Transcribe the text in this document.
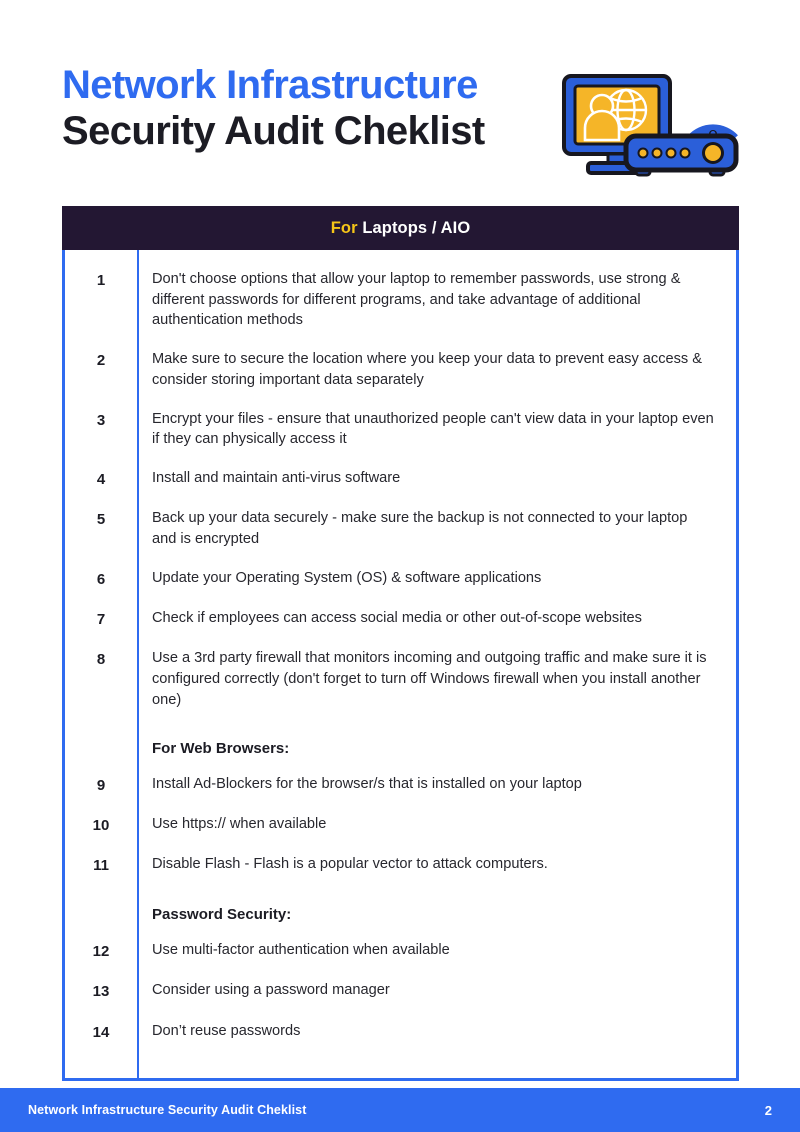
Network Infrastructure
Security Audit Cheklist
For Laptops / AIO
1	Don't choose options that allow your laptop to remember passwords, use strong & different passwords for different programs, and take advantage of additional authentication methods
2	Make sure to secure the location where you keep your data to prevent easy access & consider storing important data separately
3	Encrypt your files - ensure that unauthorized people can't view data in your laptop even if they can physically access it
4	Install and maintain anti-virus software
5	Back up your data securely - make sure the backup is not connected to your laptop and is encrypted
6	Update your Operating System (OS) & software applications
7	Check if employees can access social media or other out-of-scope websites
8	Use a 3rd party firewall that monitors incoming and outgoing traffic and make sure it is configured correctly (don't forget to turn off Windows firewall when you install another one)
For Web Browsers:
9	Install Ad-Blockers for the browser/s that is installed on your laptop
10	Use https:// when available
11	Disable Flash - Flash is a popular vector to attack computers.
Password Security:
12	Use multi-factor authentication when available
13	Consider using a password manager
14	Don’t reuse passwords
Network Infrastructure Security Audit Cheklist	2
